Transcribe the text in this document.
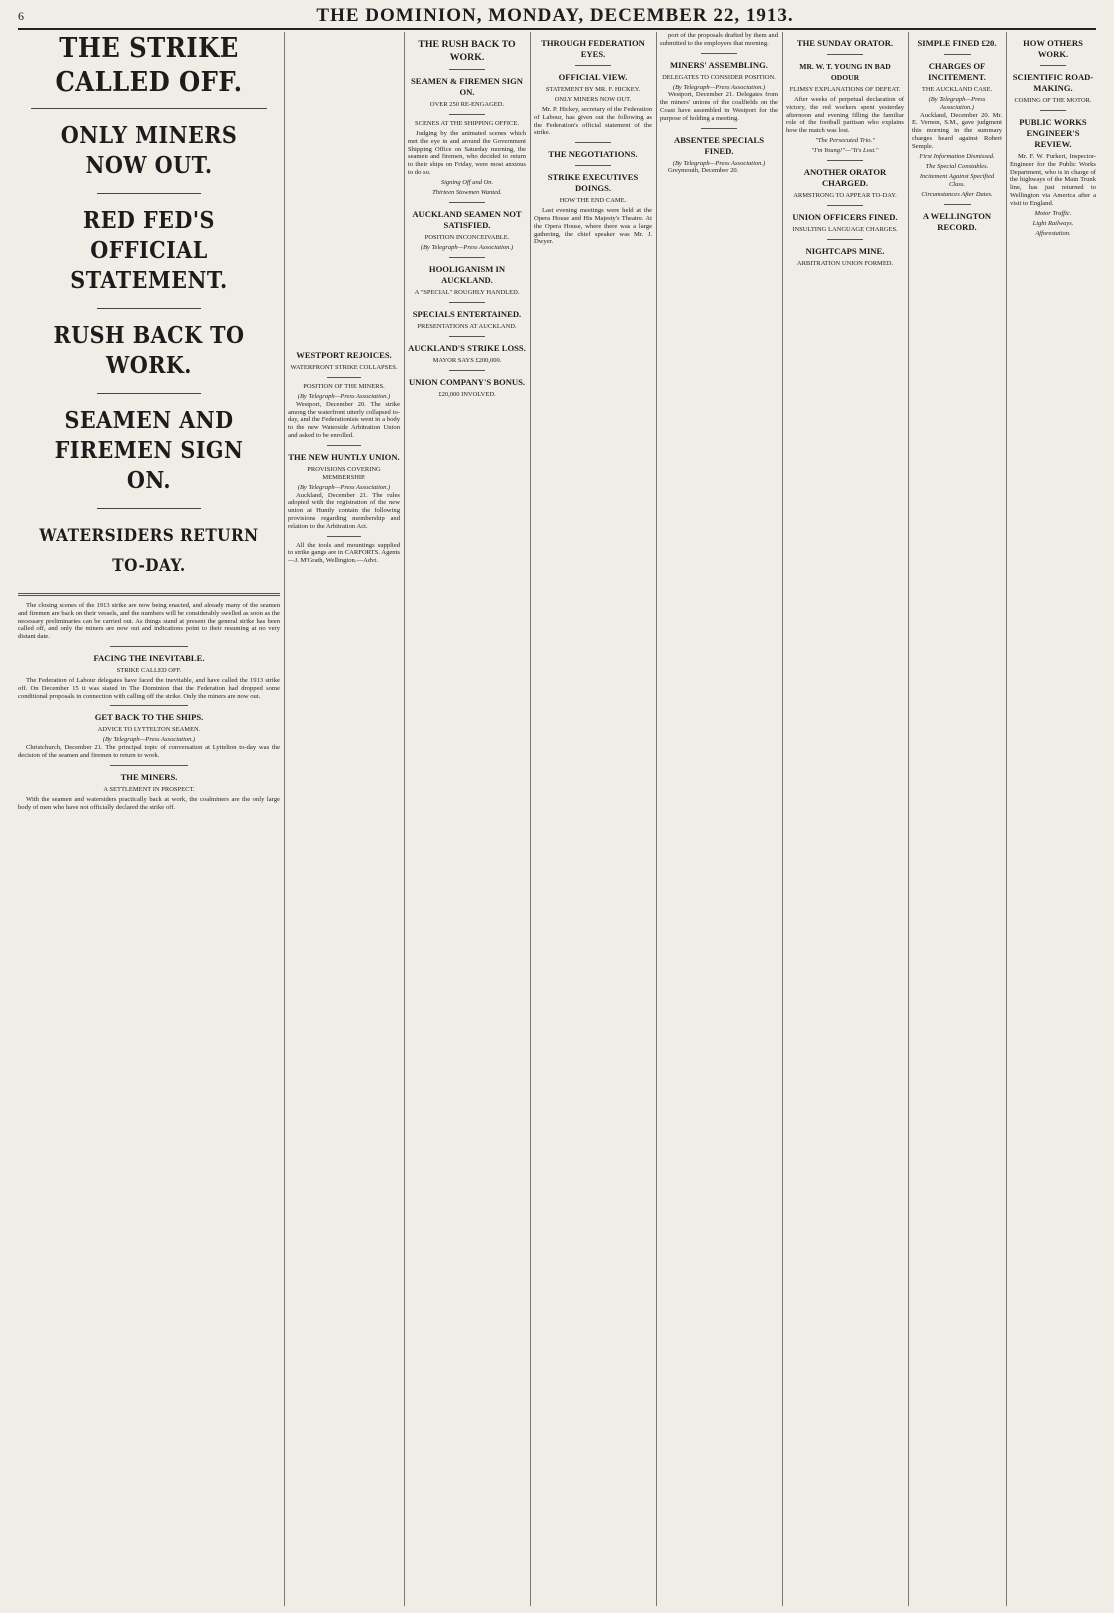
6	THE DOMINION, MONDAY, DECEMBER 22, 1913.
THE STRIKE CALLED OFF.
ONLY MINERS NOW OUT.
RED FED'S OFFICIAL STATEMENT.
RUSH BACK TO WORK.
SEAMEN AND FIREMEN SIGN ON.
WATERSIDERS RETURN TO-DAY.

The closing scenes of the 1913 strike are now being enacted, and already many of the seamen and firemen are back on their vessels, and the numbers will be considerably swelled as soon as the necessary preliminaries can be carried out. As things stand at present the general strike has been called off, and only the miners are now out and indications point to their resuming at no very distant date.

FACING THE INEVITABLE.
STRIKE CALLED OFF.

The Federation of Labour delegates have faced the inevitable, and have called the 1913 strike off. On December 15 it was stated in The Dominion that the Federation had dropped some conditional proposals in connection with calling off the strike. Only the miners are now out.

GET BACK TO THE SHIPS.
ADVICE TO LYTTELTON SEAMEN.
(By Telegraph—Press Association.)

Christchurch, December 21. The principal topic of conversation at Lyttelton to-day was the decision of the seamen and firemen to return to work.

THE MINERS.
A SETTLEMENT IN PROSPECT.

With the seamen and watersiders practically back at work, the coalminers are the only large body of men who have not officially declared the strike off.

WESTPORT REJOICES.
WATERFRONT STRIKE COLLAPSES.
POSITION OF THE MINERS.
(By Telegraph—Press Association.)

Westport, December 20. The strike among the waterfront utterly collapsed to-day, and the Federationists went in a body to the new Waterside Arbitration Union and asked to be enrolled.

THE NEW HUNTLY UNION.
PROVISIONS COVERING MEMBERSHIP.
(By Telegraph—Press Association.)

Auckland, December 21. The rules adopted with the registration of the new union at Huntly contain the following provisions regarding membership and relation to the Arbitration Act.

All the tools and mountings supplied to strike gangs are in CARFORTS. Agents—J. M'Grath, Wellington.—Advt.

THE RUSH BACK TO WORK.
SEAMEN & FIREMEN SIGN ON.
OVER 250 RE-ENGAGED.
SCENES AT THE SHIPPING OFFICE.

Judging by the animated scenes which met the eye in and around the Government Shipping Office on Saturday morning, the seamen and firemen, who decided to return to their ships on Friday, were most anxious to do so.

Signing Off and On.
Thirteen Stowmen Wanted.
AUCKLAND SEAMEN NOT SATISFIED.
POSITION INCONCEIVABLE.
(By Telegraph—Press Association.)
HOOLIGANISM IN AUCKLAND.
A "SPECIAL" ROUGHLY HANDLED.
SPECIALS ENTERTAINED.
PRESENTATIONS AT AUCKLAND.
AUCKLAND'S STRIKE LOSS.
MAYOR SAYS £200,000.
UNION COMPANY'S BONUS.
£20,000 INVOLVED.
THROUGH FEDERATION EYES.
OFFICIAL VIEW.
STATEMENT BY MR. F. HICKEY.
ONLY MINERS NOW OUT.

Mr. P. Hickey, secretary of the Federation of Labour, has given out the following as the Federation's official statement of the strike.

THE NEGOTIATIONS.
STRIKE EXECUTIVES DOINGS.
HOW THE END CAME.

Last evening meetings were held at the Opera House and His Majesty's Theatre. At the Opera House, where there was a large gathering, the chief speaker was Mr. J. Dwyer.

port of the proposals drafted by them and submitted to the employers that morning.

MINERS' ASSEMBLING.
DELEGATES TO CONSIDER POSITION.
(By Telegraph—Press Association.)

Westport, December 21. Delegates from the miners' unions of the coalfields on the Coast have assembled in Westport for the purpose of holding a meeting.

ABSENTEE SPECIALS FINED.
(By Telegraph—Press Association.)

Greymouth, December 20.

THE SUNDAY ORATOR.
MR. W. T. YOUNG IN BAD ODOUR
FLIMSY EXPLANATIONS OF DEFEAT.

After weeks of perpetual declaration of victory, the red workers spent yesterday afternoon and evening filling the familiar role of the football partisan who explains how the match was lost.

"The Persecuted Trio."
"I'm Young!"—"It's Lost."
ANOTHER ORATOR CHARGED.
ARMSTRONG TO APPEAR TO-DAY.
UNION OFFICERS FINED.
INSULTING LANGUAGE CHARGES.
NIGHTCAPS MINE.
ARBITRATION UNION FORMED.
SIMPLE FINED £20.
CHARGES OF INCITEMENT.
THE AUCKLAND CASE.
(By Telegraph—Press Association.)

Auckland, December 20. Mr. E. Vernon, S.M., gave judgment this morning in the summary charges heard against Robert Semple.

First Information Dismissed.
The Special Constables.
Incitement Against Specified Class.
Circumstances After Dates.
A WELLINGTON RECORD.
HOW OTHERS WORK.
SCIENTIFIC ROAD-MAKING.
COMING OF THE MOTOR.
PUBLIC WORKS ENGINEER'S REVIEW.

Mr. F. W. Furkert, Inspector-Engineer for the Public Works Department, who is in charge of the highways of the Main Trunk line, has just returned to Wellington via America after a visit to England.

Motor Traffic.
Light Railways.
Afforestation.
